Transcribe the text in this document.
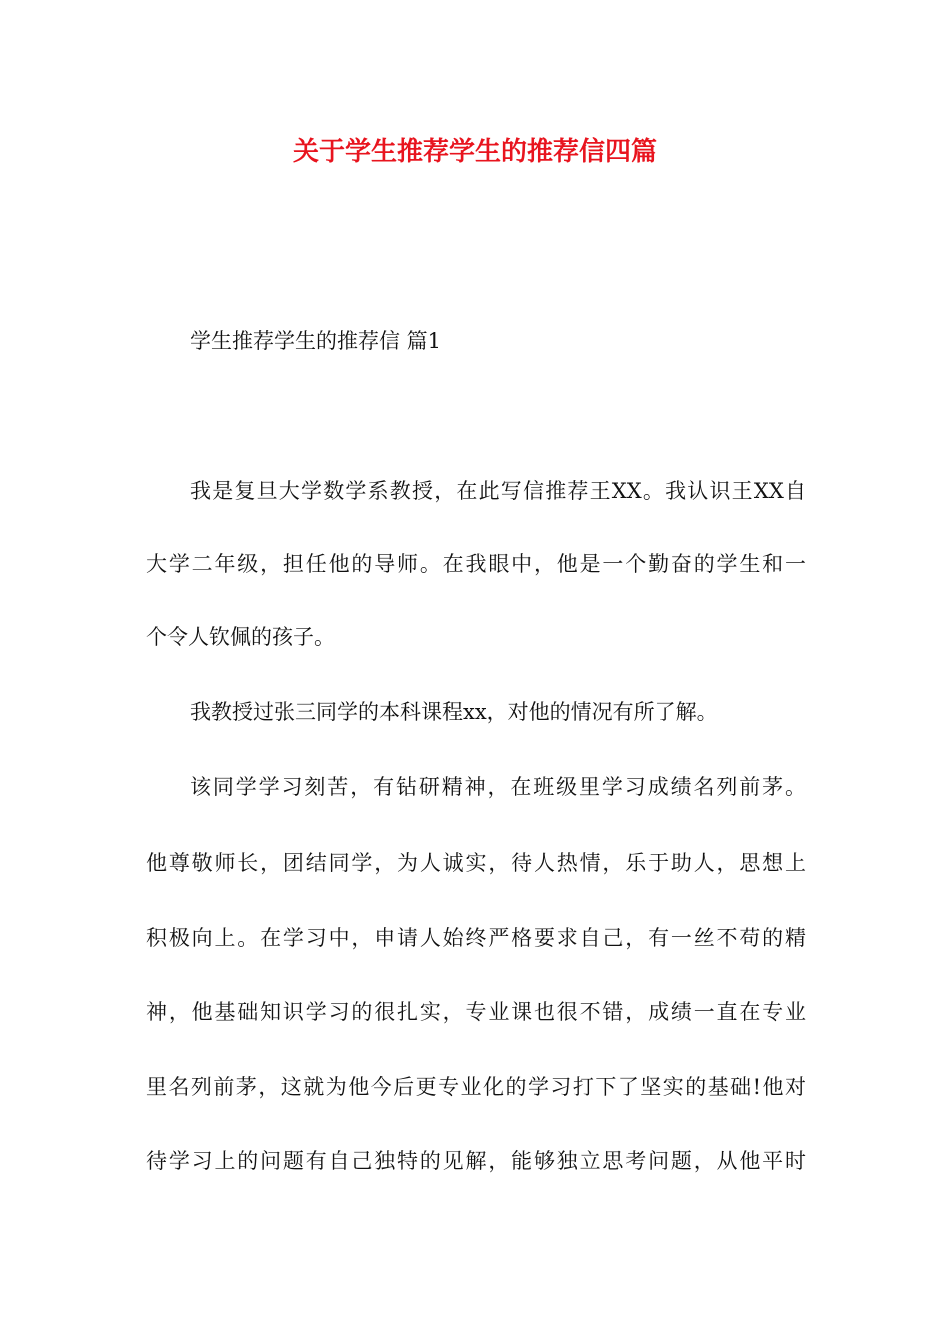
关于学生推荐学生的推荐信四篇
学生推荐学生的推荐信 篇1
我是复旦大学数学系教授，在此写信推荐王XX。我认识王XX自
大学二年级，担任他的导师。在我眼中，他是一个勤奋的学生和一
个令人钦佩的孩子。
我教授过张三同学的本科课程xx，对他的情况有所了解。
该同学学习刻苦，有钻研精神，在班级里学习成绩名列前茅。
他尊敬师长，团结同学，为人诚实，待人热情，乐于助人，思想上
积极向上。在学习中，申请人始终严格要求自己，有一丝不苟的精
神，他基础知识学习的很扎实，专业课也很不错，成绩一直在专业
里名列前茅，这就为他今后更专业化的学习打下了坚实的基础!他对
待学习上的问题有自己独特的见解，能够独立思考问题，从他平时
